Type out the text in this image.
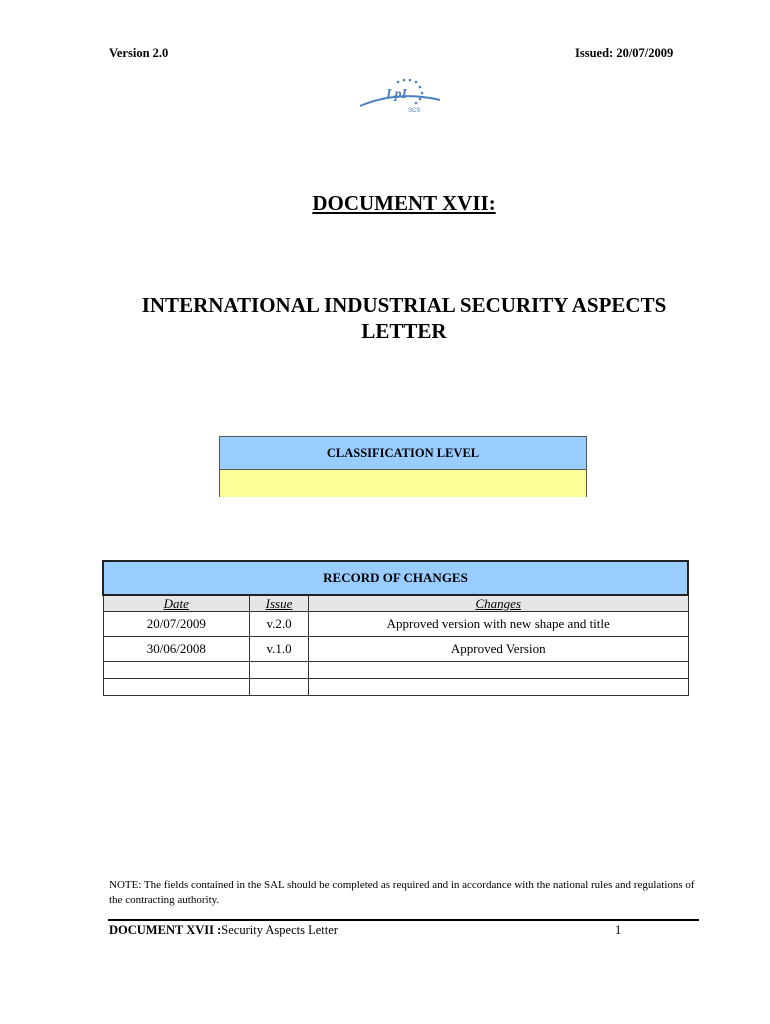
Version 2.0	Issued: 20/07/2009
LpI
SCS
DOCUMENT XVII:
INTERNATIONAL INDUSTRIAL SECURITY ASPECTS
LETTER
CLASSIFICATION LEVEL
RECORD OF CHANGES		
Date	Issue	Changes
20/07/2009	v.2.0	Approved version with new shape and title
30/06/2008	v.1.0	Approved Version

NOTE: The fields contained in the SAL should be completed as required and in accordance with the national rules and regulations of the contracting authority.
DOCUMENT XVII :Security Aspects Letter	1
